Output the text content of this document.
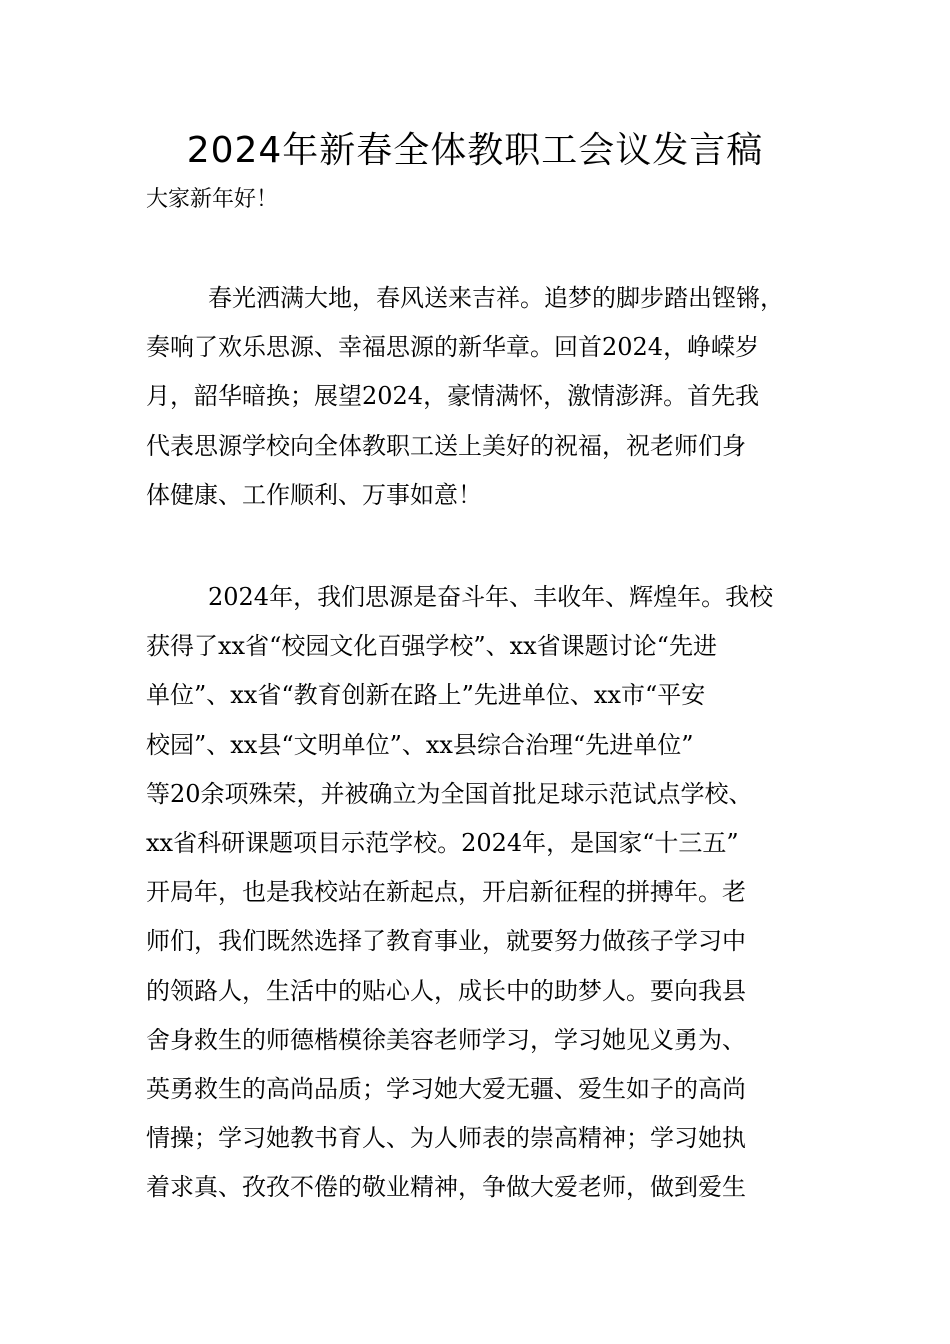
2024年新春全体教职工会议发言稿

大家新年好！

春光洒满大地，春风送来吉祥。追梦的脚步踏出铿锵，
奏响了欢乐思源、幸福思源的新华章。回首2024，峥嵘岁
月，韶华暗换；展望2024，豪情满怀，激情澎湃。首先我
代表思源学校向全体教职工送上美好的祝福，祝老师们身
体健康、工作顺利、万事如意！
2024年，我们思源是奋斗年、丰收年、辉煌年。我校
获得了xx省“校园文化百强学校”、xx省课题讨论“先进
单位”、xx省“教育创新在路上”先进单位、xx市“平安
校园”、xx县“文明单位”、xx县综合治理“先进单位”
等20余项殊荣，并被确立为全国首批足球示范试点学校、
xx省科研课题项目示范学校。2024年，是国家“十三五”
开局年，也是我校站在新起点，开启新征程的拼搏年。老
师们，我们既然选择了教育事业，就要努力做孩子学习中
的领路人，生活中的贴心人，成长中的助梦人。要向我县
舍身救生的师德楷模徐美容老师学习，学习她见义勇为、
英勇救生的高尚品质；学习她大爱无疆、爱生如子的高尚
情操；学习她教书育人、为人师表的崇高精神；学习她执
着求真、孜孜不倦的敬业精神，争做大爱老师，做到爱生
